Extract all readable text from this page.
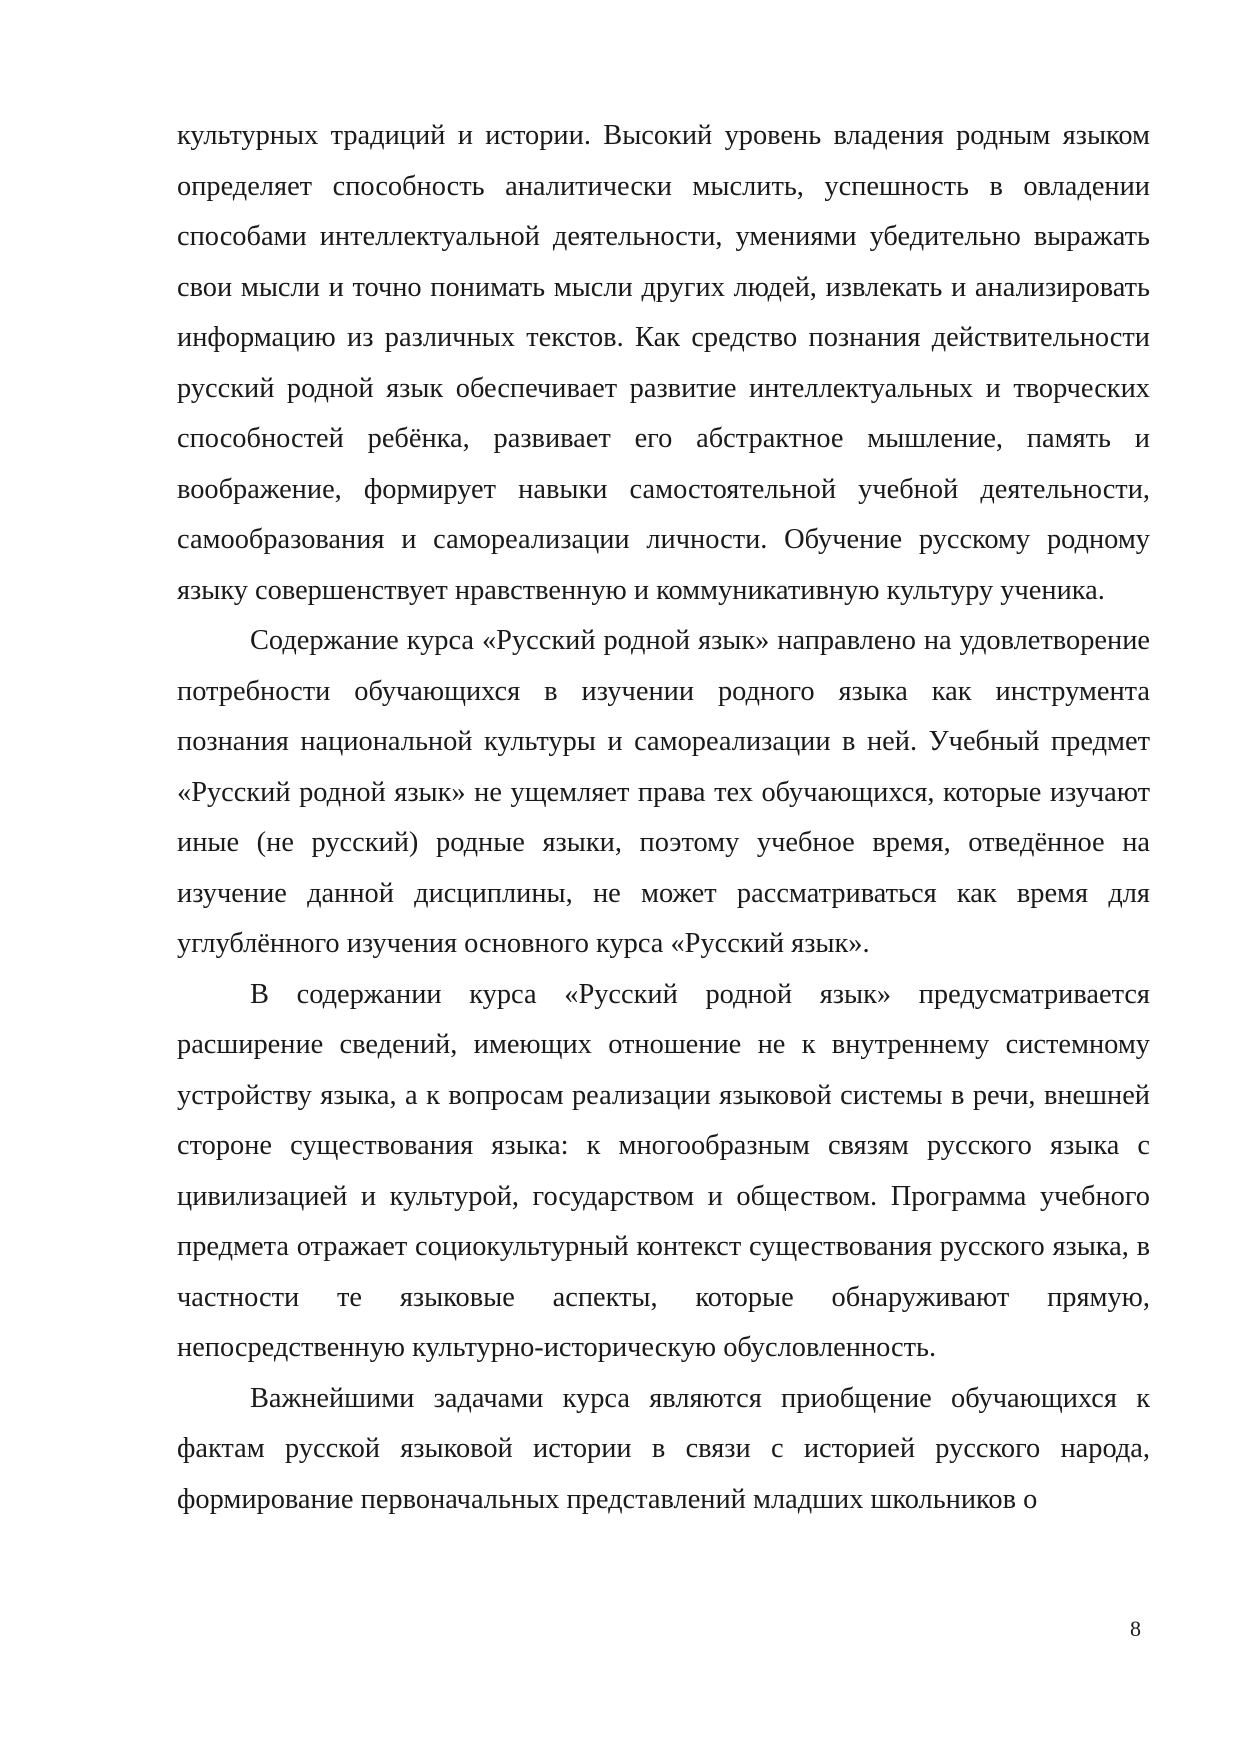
культурных традиций и истории. Высокий уровень владения родным языком определяет способность аналитически мыслить, успешность в овладении способами интеллектуальной деятельности, умениями убедительно выражать свои мысли и точно понимать мысли других людей, извлекать и анализировать информацию из различных текстов. Как средство познания действительности русский родной язык обеспечивает развитие интеллектуальных и творческих способностей ребёнка, развивает его абстрактное мышление, память и воображение, формирует навыки самостоятельной учебной деятельности, самообразования и самореализации личности. Обучение русскому родному языку совершенствует нравственную и коммуникативную культуру ученика.

Содержание курса «Русский родной язык» направлено на удовлетворение потребности обучающихся в изучении родного языка как инструмента познания национальной культуры и самореализации в ней. Учебный предмет «Русский родной язык» не ущемляет права тех обучающихся, которые изучают иные (не русский) родные языки, поэтому учебное время, отведённое на изучение данной дисциплины, не может рассматриваться как время для углублённого изучения основного курса «Русский язык».

В содержании курса «Русский родной язык» предусматривается расширение сведений, имеющих отношение не к внутреннему системному устройству языка, а к вопросам реализации языковой системы в речи, внешней стороне существования языка: к многообразным связям русского языка с цивилизацией и культурой, государством и обществом. Программа учебного предмета отражает социокультурный контекст существования русского языка, в частности те языковые аспекты, которые обнаруживают прямую, непосредственную культурно-историческую обусловленность.

Важнейшими задачами курса являются приобщение обучающихся к фактам русской языковой истории в связи с историей русского народа, формирование первоначальных представлений младших школьников о

8
